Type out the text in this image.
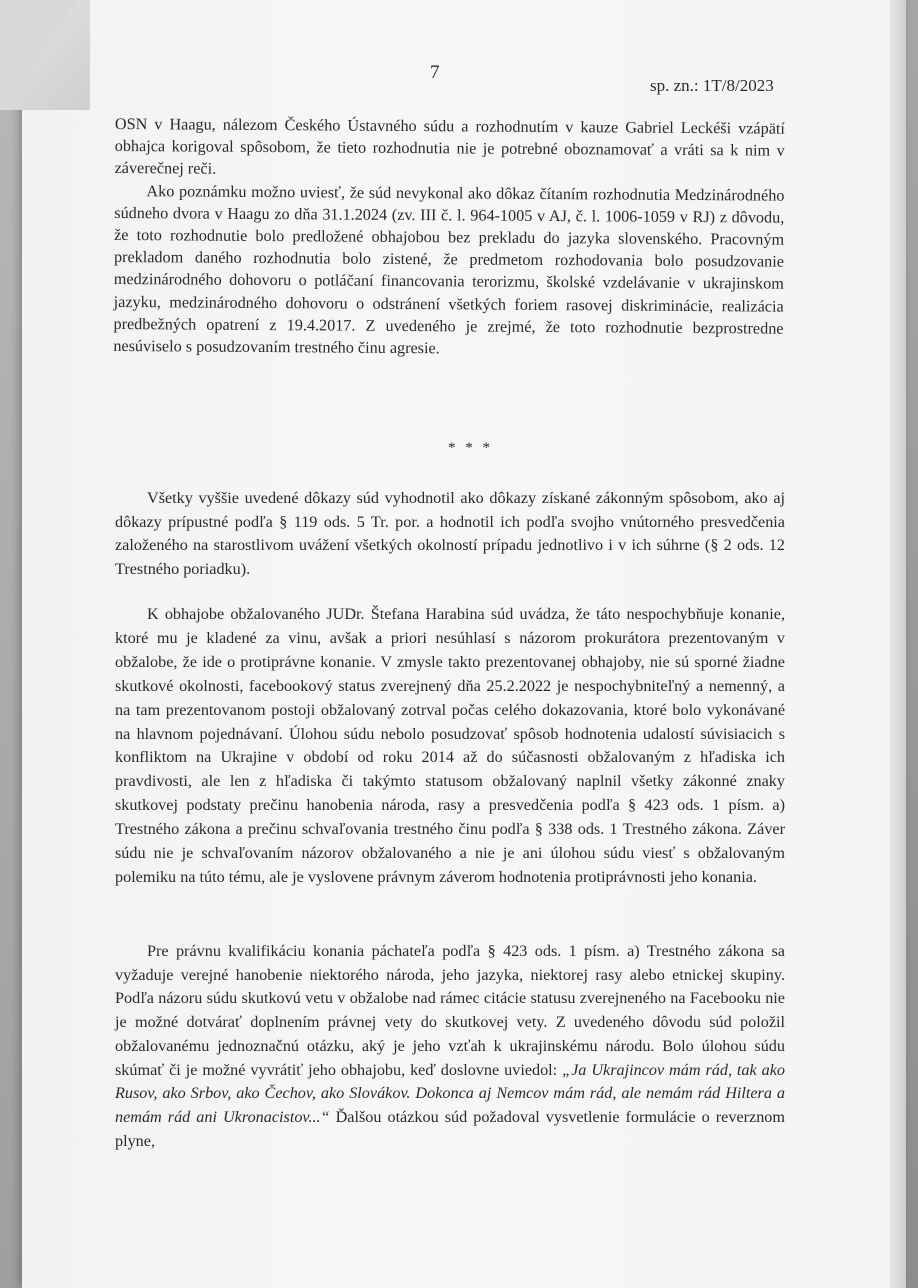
7
sp. zn.: 1T/8/2023

OSN v Haagu, nálezom Českého Ústavného súdu a rozhodnutím v kauze Gabriel Leckéši vzápätí obhajca korigoval spôsobom, že tieto rozhodnutia nie je potrebné oboznamovať a vráti sa k nim v záverečnej reči.

Ako poznámku možno uviesť, že súd nevykonal ako dôkaz čítaním rozhodnutia Medzinárodného súdneho dvora v Haagu zo dňa 31.1.2024 (zv. III č. l. 964-1005 v AJ, č. l. 1006-1059 v RJ) z dôvodu, že toto rozhodnutie bolo predložené obhajobou bez prekladu do jazyka slovenského. Pracovným prekladom daného rozhodnutia bolo zistené, že predmetom rozhodovania bolo posudzovanie medzinárodného dohovoru o potláčaní financovania terorizmu, školské vzdelávanie v ukrajinskom jazyku, medzinárodného dohovoru o odstránení všetkých foriem rasovej diskriminácie, realizácia predbežných opatrení z 19.4.2017. Z uvedeného je zrejmé, že toto rozhodnutie bezprostredne nesúviselo s posudzovaním trestného činu agresie.

* * *

Všetky vyššie uvedené dôkazy súd vyhodnotil ako dôkazy získané zákonným spôsobom, ako aj dôkazy prípustné podľa § 119 ods. 5 Tr. por. a hodnotil ich podľa svojho vnútorného presvedčenia založeného na starostlivom uvážení všetkých okolností prípadu jednotlivo i v ich súhrne (§ 2 ods. 12 Trestného poriadku).

K obhajobe obžalovaného JUDr. Štefana Harabina súd uvádza, že táto nespochybňuje konanie, ktoré mu je kladené za vinu, avšak a priori nesúhlasí s názorom prokurátora prezentovaným v obžalobe, že ide o protiprávne konanie. V zmysle takto prezentovanej obhajoby, nie sú sporné žiadne skutkové okolnosti, facebookový status zverejnený dňa 25.2.2022 je nespochybniteľný a nemenný, a na tam prezentovanom postoji obžalovaný zotrval počas celého dokazovania, ktoré bolo vykonávané na hlavnom pojednávaní. Úlohou súdu nebolo posudzovať spôsob hodnotenia udalostí súvisiacich s konfliktom na Ukrajine v období od roku 2014 až do súčasnosti obžalovaným z hľadiska ich pravdivosti, ale len z hľadiska či takýmto statusom obžalovaný naplnil všetky zákonné znaky skutkovej podstaty prečinu hanobenia národa, rasy a presvedčenia podľa § 423 ods. 1 písm. a) Trestného zákona a prečinu schvaľovania trestného činu podľa § 338 ods. 1 Trestného zákona. Záver súdu nie je schvaľovaním názorov obžalovaného a nie je ani úlohou súdu viesť s obžalovaným polemiku na túto tému, ale je vyslovene právnym záverom hodnotenia protiprávnosti jeho konania.

Pre právnu kvalifikáciu konania páchateľa podľa § 423 ods. 1 písm. a) Trestného zákona sa vyžaduje verejné hanobenie niektorého národa, jeho jazyka, niektorej rasy alebo etnickej skupiny. Podľa názoru súdu skutkovú vetu v obžalobe nad rámec citácie statusu zverejneného na Facebooku nie je možné dotvárať doplnením právnej vety do skutkovej vety. Z uvedeného dôvodu súd položil obžalovanému jednoznačnú otázku, aký je jeho vzťah k ukrajinskému národu. Bolo úlohou súdu skúmať či je možné vyvrátiť jeho obhajobu, keď doslovne uviedol: „Ja Ukrajincov mám rád, tak ako Rusov, ako Srbov, ako Čechov, ako Slovákov. Dokonca aj Nemcov mám rád, ale nemám rád Hiltera a nemám rád ani Ukronacistov...“ Ďalšou otázkou súd požadoval vysvetlenie formulácie o reverznom plyne,
